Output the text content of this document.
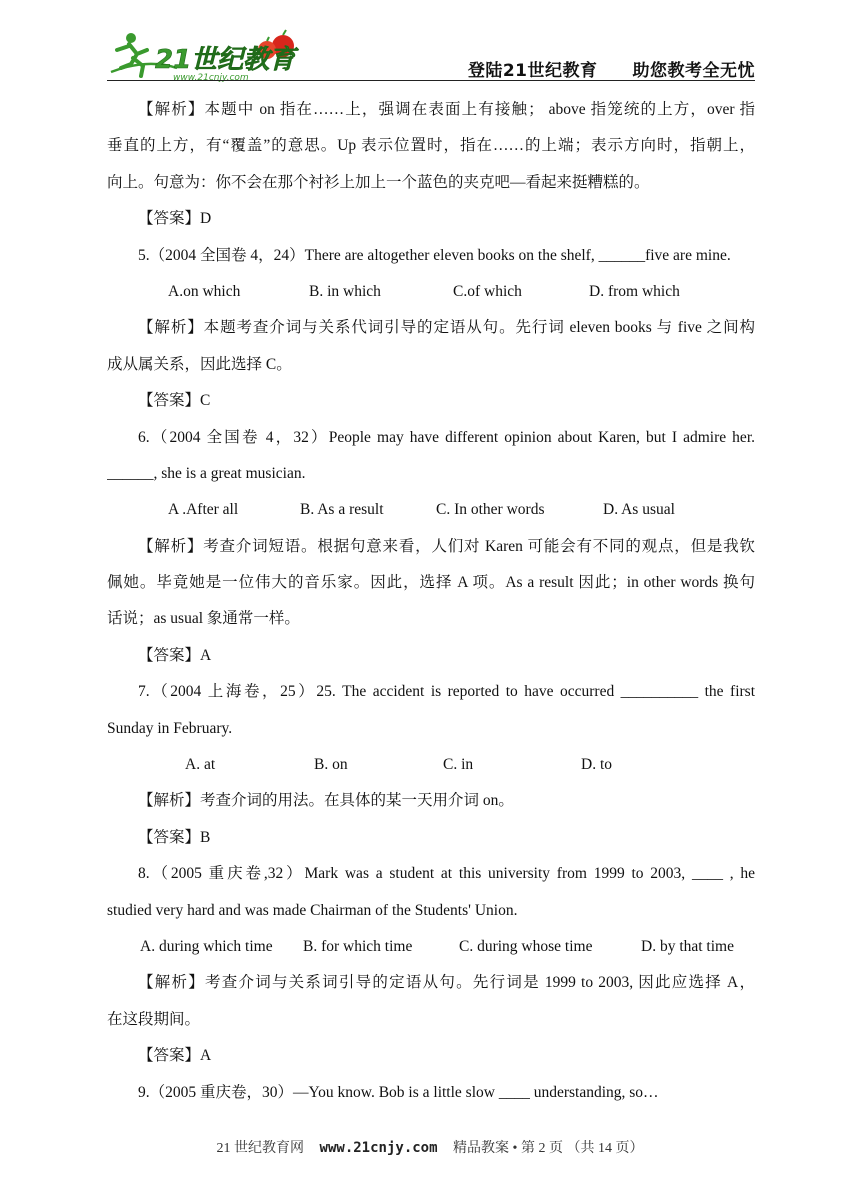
21世纪教育
www.21cnjy.com	登陆21世纪教育　　助您教考全无忧
【解析】本题中 on 指在……上，强调在表面上有接触； above 指笼统的上方，over 指
垂直的上方，有“覆盖”的意思。Up 表示位置时，指在……的上端；表示方向时，指朝上，
向上。句意为：你不会在那个衬衫上加上一个蓝色的夹克吧—看起来挺糟糕的。
【答案】D
5.（2004 全国卷 4，24）There are altogether eleven books on the shelf, ______five are mine.
A.on which	B. in which	C.of which	D. from which
【解析】本题考查介词与关系代词引导的定语从句。先行词 eleven books 与 five 之间构
成从属关系，因此选择 C。
【答案】C
6.（2004 全国卷 4，32）People may have different opinion about Karen, but I admire her.
______, she is a great musician.
A .After all	B. As a result	C. In other words	D. As usual
【解析】考查介词短语。根据句意来看，人们对 Karen 可能会有不同的观点，但是我钦
佩她。毕竟她是一位伟大的音乐家。因此，选择 A 项。As a result 因此；in other words 换句
话说；as usual 象通常一样。
【答案】A
7.（2004 上海卷，25）25. The accident is reported to have occurred __________ the first
Sunday in February.
A. at	B. on	C. in	D. to
【解析】考查介词的用法。在具体的某一天用介词 on。
【答案】B
8.（2005 重庆卷,32）Mark was a student at this university from 1999 to 2003, ____ , he
studied very hard and was made Chairman of the Students' Union.
A. during which time B. for which time	C. during whose time	D. by that time
【解析】考查介词与关系词引导的定语从句。先行词是 1999 to 2003, 因此应选择 A，
在这段期间。
【答案】A
9.（2005 重庆卷，30）—You know. Bob is a little slow ____ understanding, so…
21 世纪教育网 www.21cnjy.com 精品教案 • 第 2 页 （共 14 页）
